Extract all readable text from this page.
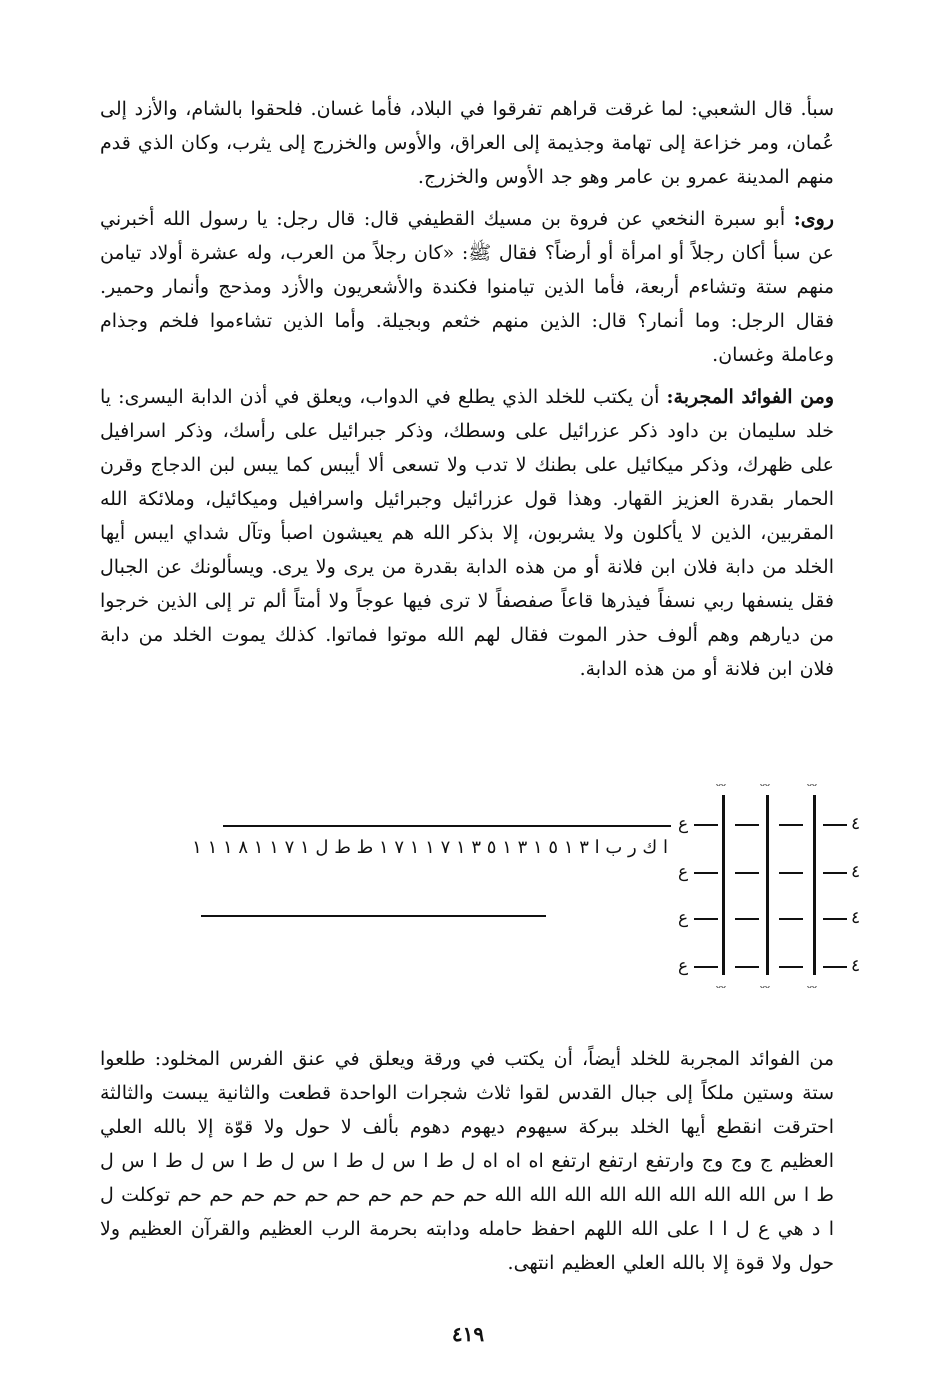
سبأ. قال الشعبي: لما غرقت قراهم تفرقوا في البلاد، فأما غسان. فلحقوا بالشام، والأزد إلى عُمان، ومر خزاعة إلى تهامة وجذيمة إلى العراق، والأوس والخزرج إلى يثرب، وكان الذي قدم منهم المدينة عمرو بن عامر وهو جد الأوس والخزرج.

روى: أبو سبرة النخعي عن فروة بن مسيك القطيفي قال: قال رجل: يا رسول الله أخبرني عن سبأ أكان رجلاً أو امرأة أو أرضاً؟ فقال ﷺ: «كان رجلاً من العرب، وله عشرة أولاد تيامن منهم ستة وتشاءم أربعة، فأما الذين تيامنوا فكندة والأشعريون والأزد ومذحج وأنمار وحمير. فقال الرجل: وما أنمار؟ قال: الذين منهم خثعم وبجيلة. وأما الذين تشاءموا فلخم وجذام وعاملة وغسان.

ومن الفوائد المجربة: أن يكتب للخلد الذي يطلع في الدواب، ويعلق في أذن الدابة اليسرى: يا خلد سليمان بن داود ذكر عزرائيل على وسطك، وذكر جبرائيل على رأسك، وذكر اسرافيل على ظهرك، وذكر ميكائيل على بطنك لا تدب ولا تسعى ألا أيبس كما يبس لبن الدجاج وقرن الحمار بقدرة العزيز القهار. وهذا قول عزرائيل وجبرائيل واسرافيل وميكائيل، وملائكة الله المقربين، الذين لا يأكلون ولا يشربون، إلا بذكر الله هم يعيشون اصبأ وتآل شداي ايبس أيها الخلد من دابة فلان ابن فلانة أو من هذه الدابة بقدرة من يرى ولا يرى. ويسألونك عن الجبال فقل ينسفها ربي نسفاً فيذرها قاعاً صفصفاً لا ترى فيها عوجاً ولا أمتاً ألم تر إلى الذين خرجوا من ديارهم وهم ألوف حذر الموت فقال لهم الله موتوا فماتوا. كذلك يموت الخلد من دابة فلان ابن فلانة أو من هذه الدابة.

ا ك ر ب ا ٣ ١ ٥ ١ ٣ ١ ٥ ٣ ١ ٧ ١ ١ ٧ ١ ط ط ل ١ ٧ ١ ١ ٨ ١ ١ ١
ᵕᵕ	ᵕᵕ	ᵕᵕ
ᵕᵕ	ᵕᵕ	ᵕᵕ
ﻉ	٤
ﻉ	٤
ﻉ	٤
ﻉ	٤

من الفوائد المجربة للخلد أيضاً، أن يكتب في ورقة ويعلق في عنق الفرس المخلود: طلعوا ستة وستين ملكاً إلى جبال القدس لقوا ثلاث شجرات الواحدة قطعت والثانية يبست والثالثة احترقت انقطع أيها الخلد ببركة سيهوم ديهوم دهوم بألف لا حول ولا قوّة إلا بالله العلي العظيم ج وج وج وارتفع ارتفع ارتفع اه اه اه ل ط ا س ل ط ا س ل ط ا س ل ط ا س ل ط ا س الله الله الله الله الله الله الله الله حم حم حم حم حم حم حم حم حم حم توكلت ل ا د هي ع ل ا ا على الله اللهم احفظ حامله ودابته بحرمة الرب العظيم والقرآن العظيم ولا حول ولا قوة إلا بالله العلي العظيم انتهى.

٤١٩
